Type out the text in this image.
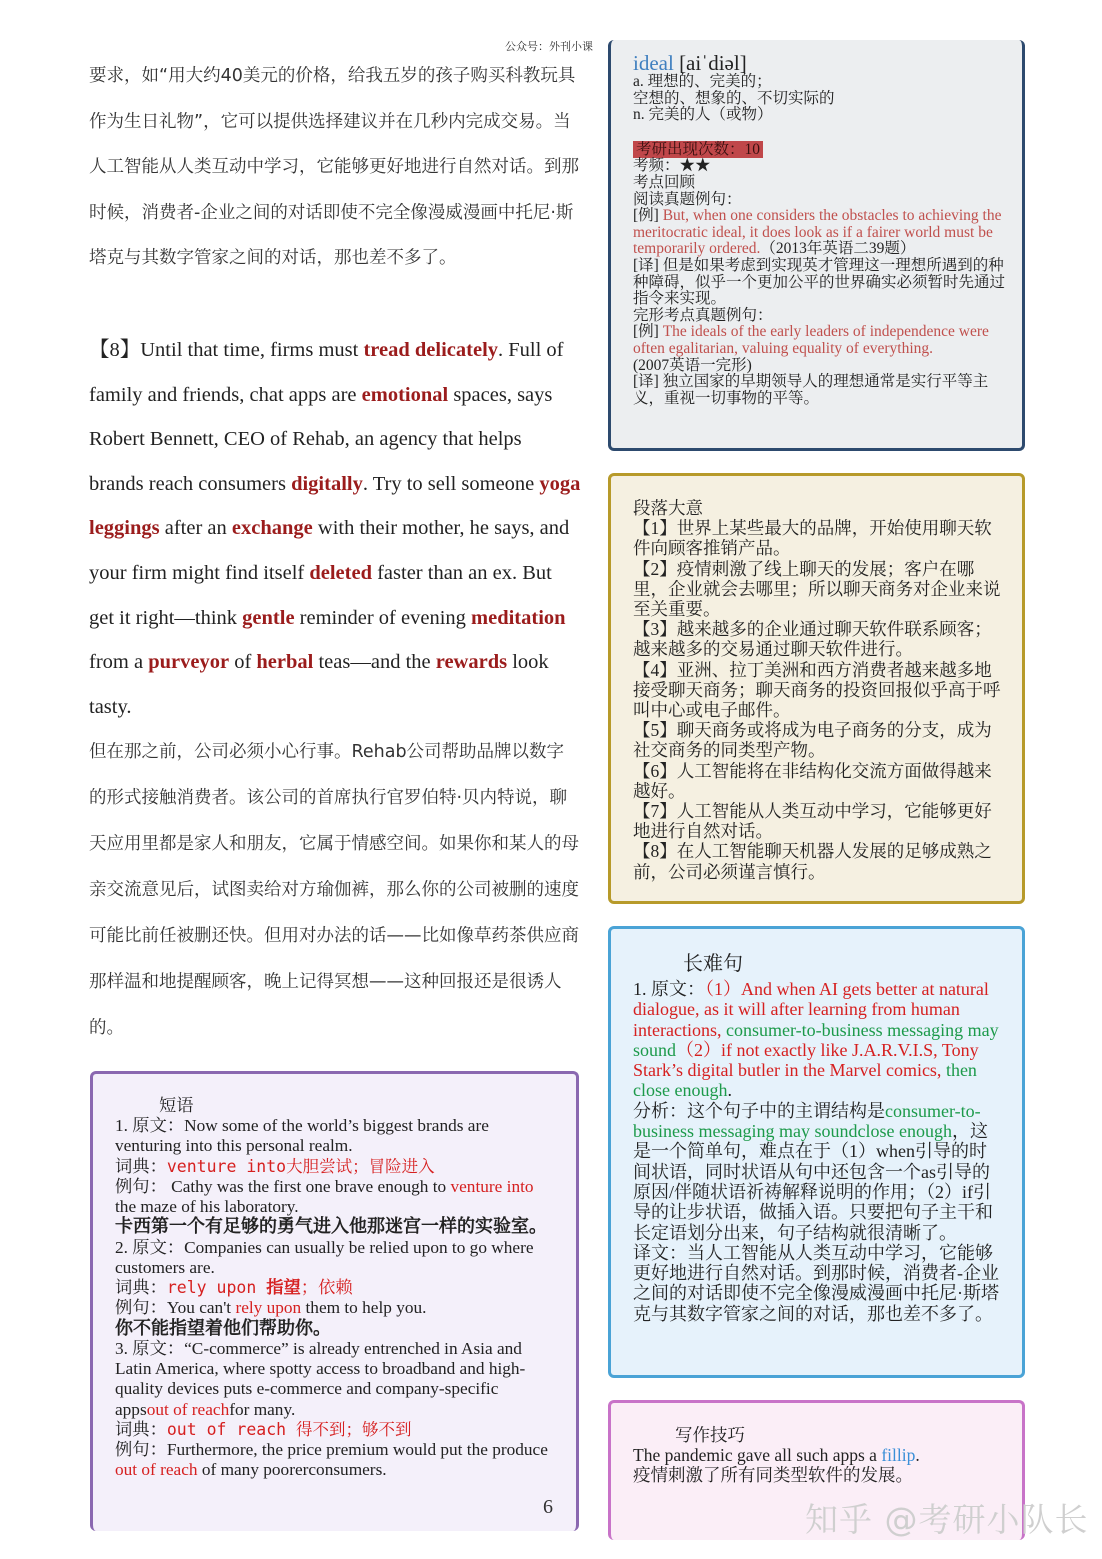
公众号：外刊小课
要求，如“用大约40美元的价格，给我五岁的孩子购买科教玩具作为生日礼物”，它可以提供选择建议并在几秒内完成交易。当人工智能从人类互动中学习，它能够更好地进行自然对话。到那时候，消费者-企业之间的对话即使不完全像漫威漫画中托尼·斯塔克与其数字管家之间的对话，那也差不多了。
【8】Until that time, firms must tread delicately. Full of family and friends, chat apps are emotional spaces, says Robert Bennett, CEO of Rehab, an agency that helps brands reach consumers digitally. Try to sell someone yoga leggings after an exchange with their mother, he says, and your firm might find itself deleted faster than an ex. But get it right—think gentle reminder of evening meditation from a purveyor of herbal teas—and the rewards look tasty.
但在那之前，公司必须小心行事。Rehab公司帮助品牌以数字的形式接触消费者。该公司的首席执行官罗伯特·贝内特说，聊天应用里都是家人和朋友，它属于情感空间。如果你和某人的母亲交流意见后，试图卖给对方瑜伽裤，那么你的公司被删的速度可能比前任被删还快。但用对办法的话——比如像草药茶供应商那样温和地提醒顾客，晚上记得冥想——这种回报还是很诱人的。
ideal [aiˈdiəl]
a. 理想的、完美的；
空想的、想象的、不切实际的
n. 完美的人（或物）
考研出现次数：10
考频：★★
考点回顾
阅读真题例句：
[例] But, when one considers the obstacles to achieving the meritocratic ideal, it does look as if a fairer world must be temporarily ordered.（2013年英语二39题）
[译] 但是如果考虑到实现英才管理这一理想所遇到的种种障碍，似乎一个更加公平的世界确实必须暂时先通过指令来实现。
完形考点真题例句：
[例] The ideals of the early leaders of independence were often egalitarian, valuing equality of everything.
(2007英语一完形)
[译] 独立国家的早期领导人的理想通常是实行平等主义，重视一切事物的平等。
段落大意
【1】世界上某些最大的品牌，开始使用聊天软件向顾客推销产品。
【2】疫情刺激了线上聊天的发展；客户在哪里，企业就会去哪里；所以聊天商务对企业来说至关重要。
【3】越来越多的企业通过聊天软件联系顾客；越来越多的交易通过聊天软件进行。
【4】亚洲、拉丁美洲和西方消费者越来越多地接受聊天商务；聊天商务的投资回报似乎高于呼叫中心或电子邮件。
【5】聊天商务或将成为电子商务的分支，成为社交商务的同类型产物。
【6】人工智能将在非结构化交流方面做得越来越好。
【7】人工智能从人类互动中学习，它能够更好地进行自然对话。
【8】在人工智能聊天机器人发展的足够成熟之前，公司必须谨言慎行。
长难句
1. 原文：（1）And when AI gets better at natural dialogue, as it will after learning from human interactions, consumer-to-business messaging may sound（2）if not exactly like J.A.R.V.I.S, Tony Stark’s digital butler in the Marvel comics, then close enough.
分析：这个句子中的主谓结构是consumer-to-business messaging may soundclose enough，这是一个简单句，难点在于（1）when引导的时间状语，同时状语从句中还包含一个as引导的原因/伴随状语祈祷解释说明的作用；（2）if引导的让步状语，做插入语。只要把句子主干和长定语划分出来，句子结构就很清晰了。
译文：当人工智能从人类互动中学习，它能够更好地进行自然对话。到那时候，消费者-企业之间的对话即使不完全像漫威漫画中托尼·斯塔克与其数字管家之间的对话，那也差不多了。
写作技巧
The pandemic gave all such apps a fillip.
疫情刺激了所有同类型软件的发展。
短语
1. 原文：Now some of the world’s biggest brands are venturing into this personal realm.
词典：venture into大胆尝试；冒险进入
例句： Cathy was the first one brave enough to venture into the maze of his laboratory.
卡西第一个有足够的勇气进入他那迷宫一样的实验室。
2. 原文：Companies can usually be relied upon to go where customers are.
词典：rely upon 指望；依赖
例句：You can't rely upon them to help you.
你不能指望着他们帮助你。
3. 原文：“C-commerce” is already entrenched in Asia and Latin America, where spotty access to broadband and high-quality devices puts e-commerce and company-specific appsout of reachfor many.
词典：out of reach 得不到；够不到
例句：Furthermore, the price premium would put the produce out of reach of many poorerconsumers.
6	知乎 @考研小队长
